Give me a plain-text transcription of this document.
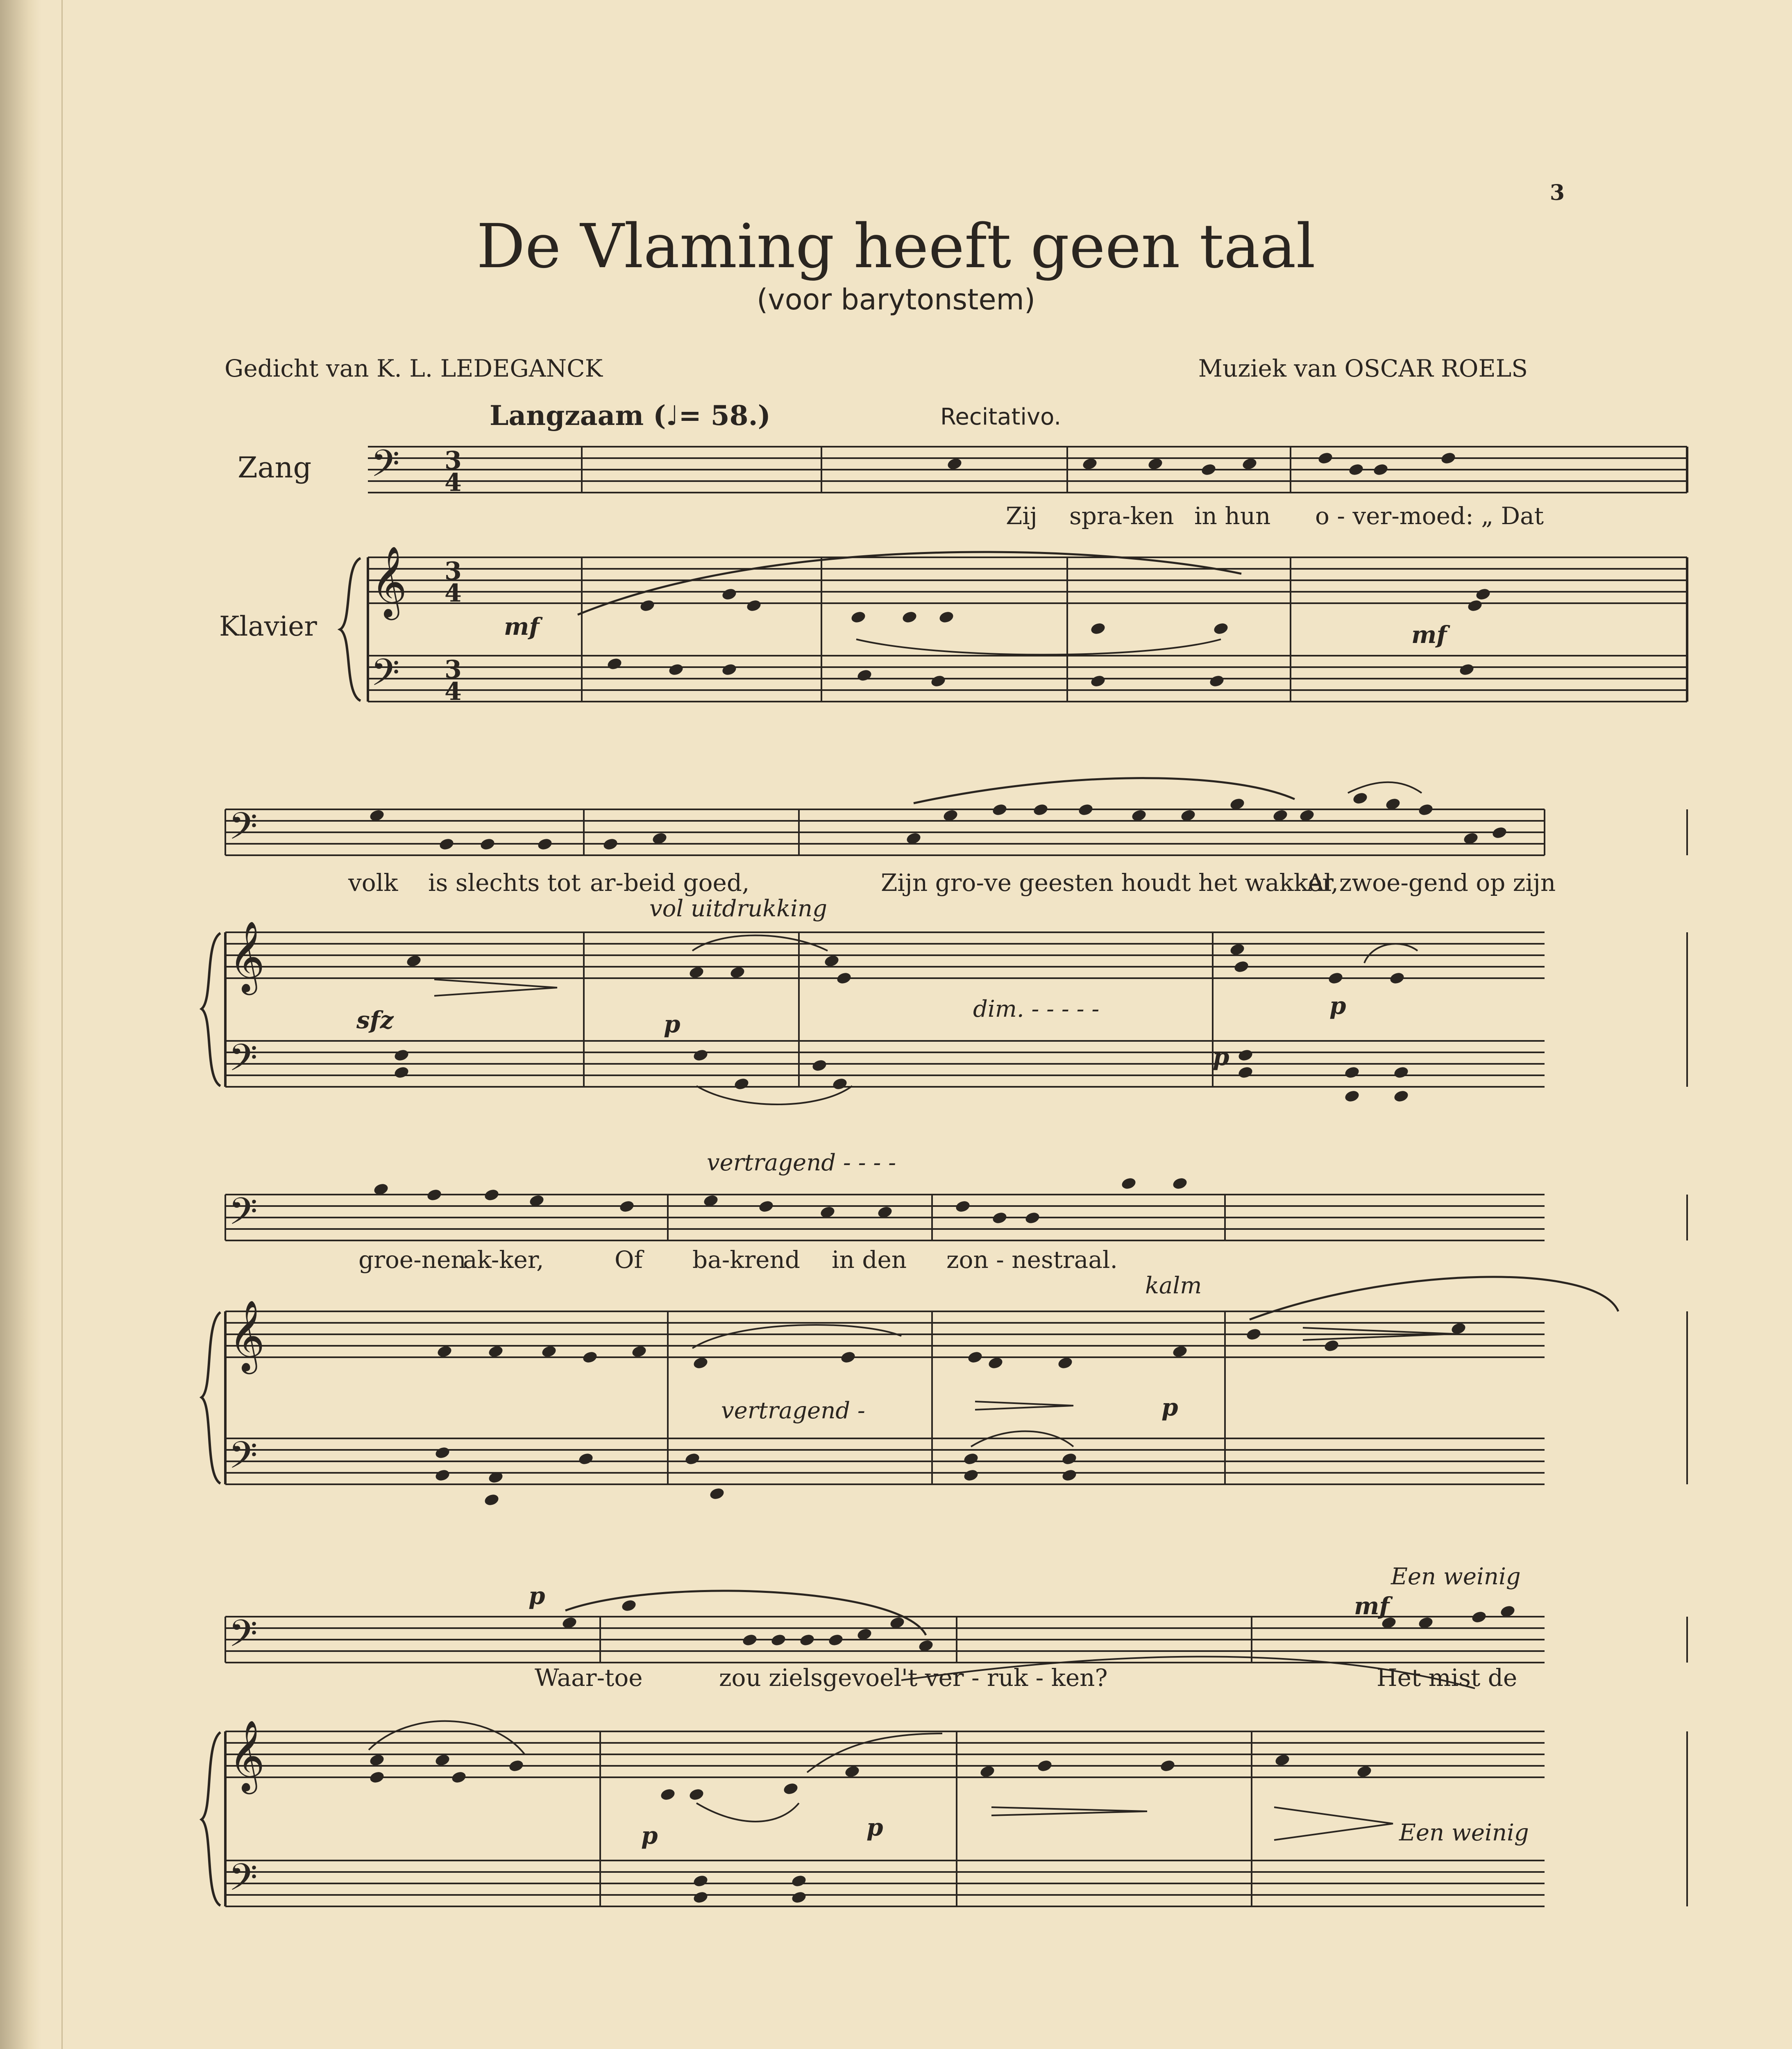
3
De Vlaming heeft geen taal
(voor barytonstem)
Gedicht van K. L. LEDEGANCK	Muziek van OSCAR ROELS
Langzaam (♩= 58.)	Recitativo.
Zang
Klavier
Zij spra-ken in hun o - ver-moed: „ Dat
volk is slechts tot ar-beid goed,	Zijn gro-ve geesten houdt het wakker,
Al zwoe-gend op zijn
groe-nen
ak-ker,	Of ba-krend in den zon - nestraal.
Waar-toe	zou zielsgevoel't ver - ruk - ken?	Het mist de
mf	mf
sfz	p
p
p
dim. - - - - -
vol uitdrukking
vertragend - - - -
vertragend -
kalm
p
p
p	p
mf
Een weinig
Een weinig
𝄢
𝄞
𝄢
3
4
3
4
3
4
𝄢
𝄞
𝄢
𝄢
𝄞
𝄢
𝄢
𝄞
𝄢
